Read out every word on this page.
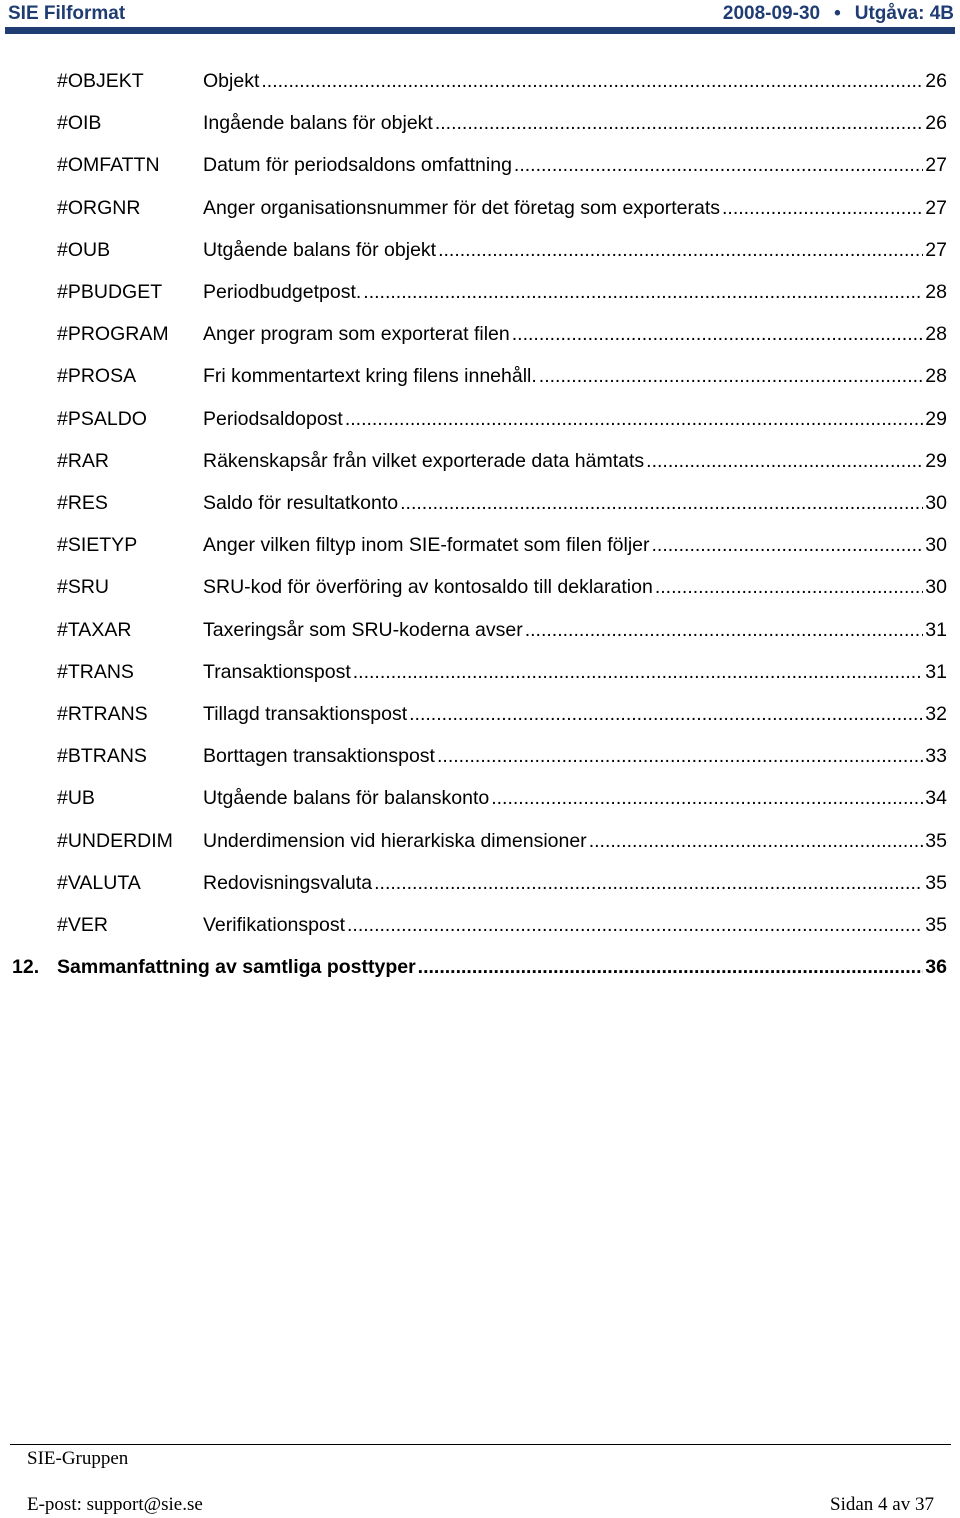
SIE Filformat	2008-09-30 • Utgåva: 4B
#OBJEKT	Objekt .....	26
#OIB	Ingående balans för objekt .....	26
#OMFATTN Datum för periodsaldons omfattning .....	27
#ORGNR	Anger organisationsnummer för det företag som exporterats .....	27
#OUB	Utgående balans för objekt .....	27
#PBUDGET Periodbudgetpost. .....	28
#PROGRAM Anger program som exporterat filen .....	28
#PROSA	Fri kommentartext kring filens innehåll. .....	28
#PSALDO	Periodsaldopost .....	29
#RAR	Räkenskapsår från vilket exporterade data hämtats .....	29
#RES	Saldo för resultatkonto .....	30
#SIETYP	Anger vilken filtyp inom SIE-formatet som filen följer .....	30
#SRU	SRU-kod för överföring av kontosaldo till deklaration .....	30
#TAXAR	Taxeringsår som SRU-koderna avser .....	31
#TRANS	Transaktionspost .....	31
#RTRANS	Tillagd transaktionspost .....	32
#BTRANS	Borttagen transaktionspost .....	33
#UB	Utgående balans för balanskonto .....	34
#UNDERDIM Underdimension vid hierarkiska dimensioner .....	35
#VALUTA	Redovisningsvaluta .....	35
#VER	Verifikationspost .....	35
12. Sammanfattning av samtliga posttyper .....	36
SIE-Gruppen
E-post: support@sie.se	Sidan 4 av 37
